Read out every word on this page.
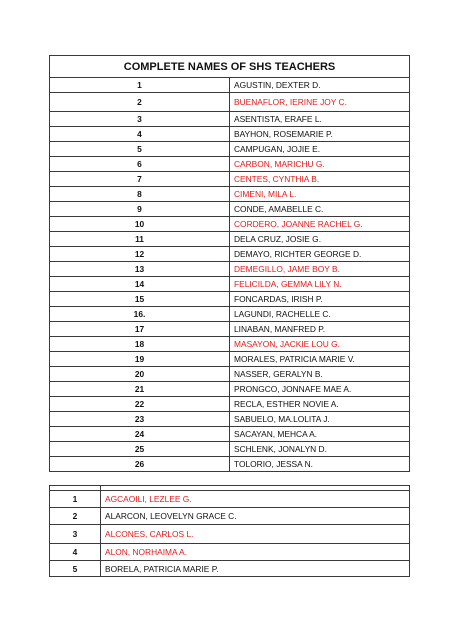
COMPLETE NAMES OF SHS TEACHERS	
1	AGUSTIN, DEXTER D.
2	BUENAFLOR, IERINE JOY C.
3	ASENTISTA, ERAFE L.
4	BAYHON, ROSEMARIE P.
5	CAMPUGAN, JOJIE E.
6	CARBON, MARICHU G.
7	CENTES, CYNTHIA B.
8	CIMENI, MILA L.
9	CONDE, AMABELLE C.
10	CORDERO, JOANNE RACHEL G.
11	DELA CRUZ, JOSIE G.
12	DEMAYO, RICHTER GEORGE D.
13	DEMEGILLO, JAME BOY B.
14	FELICILDA, GEMMA LILY N.
15	FONCARDAS, IRISH P.
16.	LAGUNDI, RACHELLE C.
17	LINABAN, MANFRED P.
18	MASAYON, JACKIE LOU G.
19	MORALES, PATRICIA MARIE V.
20	NASSER, GERALYN B.
21	PRONGCO, JONNAFE MAE A.
22	RECLA, ESTHER NOVIE A.
23	SABUELO, MA.LOLITA J.
24	SACAYAN, MEHCA A.
25	SCHLENK, JONALYN D.
26	TOLORIO, JESSA N.

1	AGCAOILI, LEZLEE G.
2	ALARCON, LEOVELYN GRACE C.
3	ALCONES, CARLOS L.
4	ALON, NORHAIMA A.
5	BORELA, PATRICIA MARIE P.
